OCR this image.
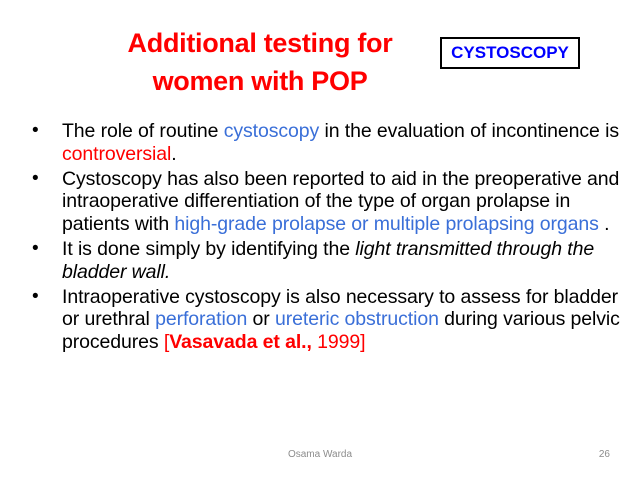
Additional testing for
women with POP
CYSTOSCOPY
• The role of routine cystoscopy in the evaluation of incontinence is controversial.
• Cystoscopy has also been reported to aid in the preoperative and intraoperative differentiation of the type of organ prolapse in patients with high-grade prolapse or multiple prolapsing organs .
• It is done simply by identifying the light transmitted through the bladder wall.
• Intraoperative cystoscopy is also necessary to assess for bladder or urethral perforation or ureteric obstruction during various pelvic procedures [Vasavada et al., 1999]
Osama Warda	26
